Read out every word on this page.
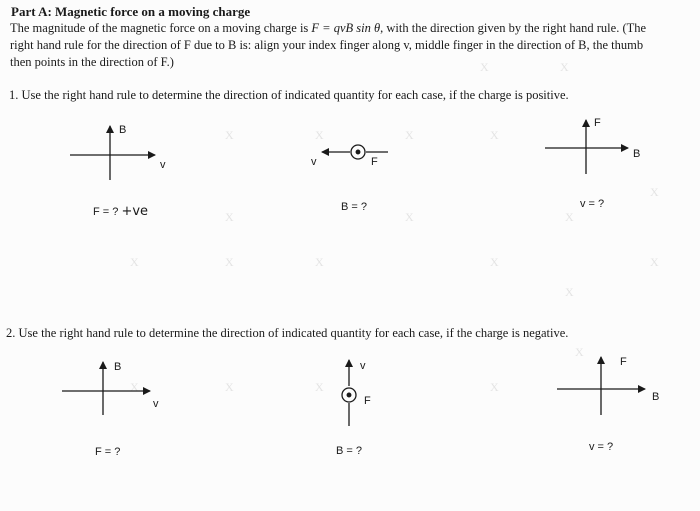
X	X	X	X
X	X	X
X	X	X	X	X
X
X	X	X	X
X
X
X	X
Part A: Magnetic force on a moving charge
The magnitude of the magnetic force on a moving charge is F = qvB sin θ, with the direction given by the right hand rule. (The right hand rule for the direction of F due to B is: align your index finger along v, middle finger in the direction of B, the thumb then points in the direction of F.)
1. Use the right hand rule to determine the direction of indicated quantity for each case, if the charge is positive.
2. Use the right hand rule to determine the direction of indicated quantity for each case, if the charge is negative.
B
v
F = ? +ve
v	F
B = ?
F
B
v = ?
B
v
F = ?
v
F
B = ?
F
B
v = ?
